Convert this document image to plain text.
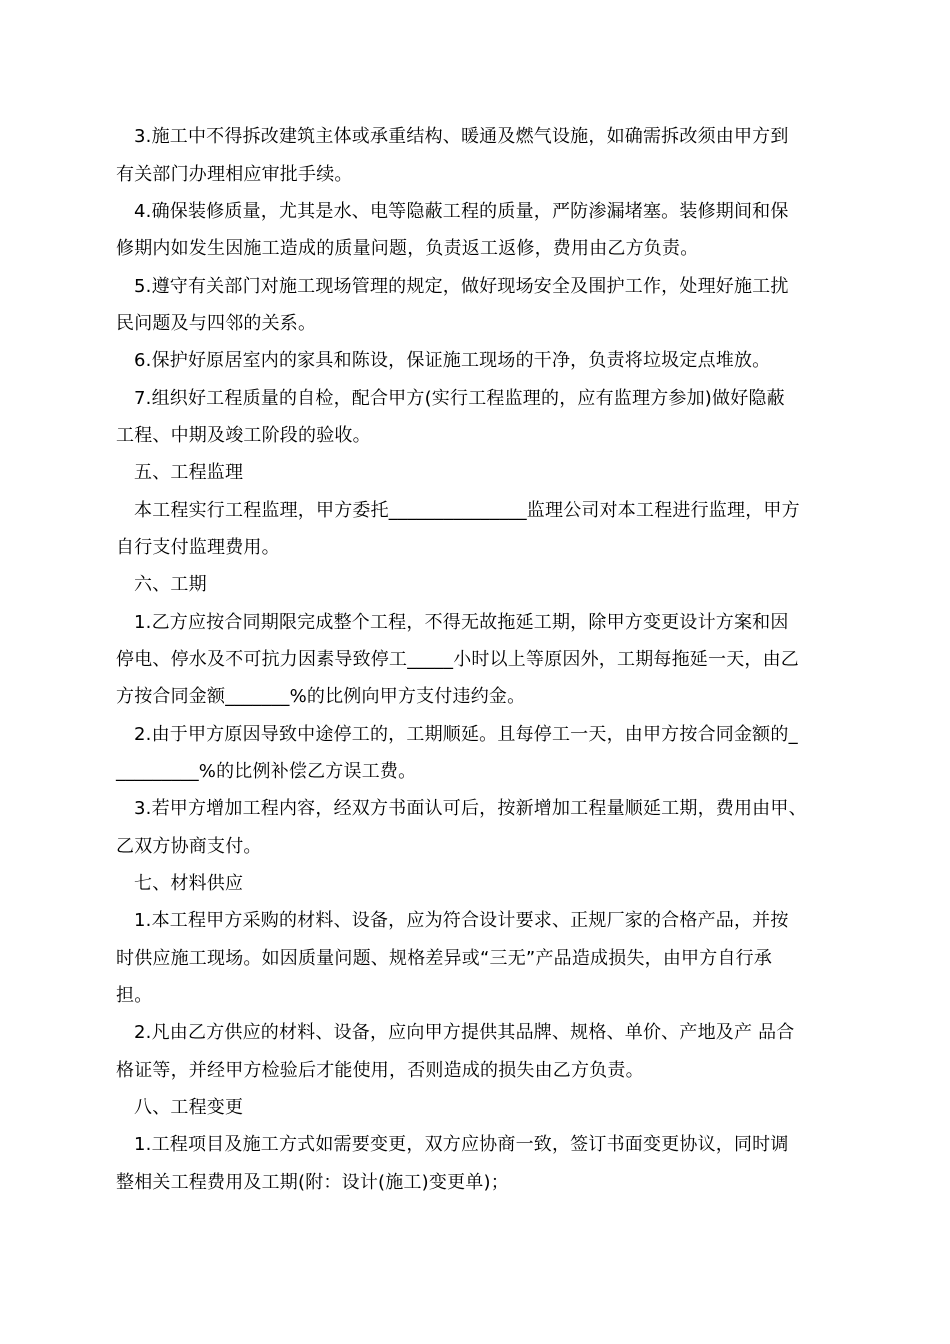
3.施工中不得拆改建筑主体或承重结构、暖通及燃气设施，如确需拆改须由甲方到
有关部门办理相应审批手续。
4.确保装修质量，尤其是水、电等隐蔽工程的质量，严防渗漏堵塞。装修期间和保
修期内如发生因施工造成的质量问题，负责返工返修，费用由乙方负责。
5.遵守有关部门对施工现场管理的规定，做好现场安全及围护工作，处理好施工扰
民问题及与四邻的关系。
6.保护好原居室内的家具和陈设，保证施工现场的干净，负责将垃圾定点堆放。
7.组织好工程质量的自检，配合甲方(实行工程监理的，应有监理方参加)做好隐蔽
工程、中期及竣工阶段的验收。
五、工程监理
本工程实行工程监理，甲方委托_______________监理公司对本工程进行监理，甲方
自行支付监理费用。
六、工期
1.乙方应按合同期限完成整个工程，不得无故拖延工期，除甲方变更设计方案和因
停电、停水及不可抗力因素导致停工_____小时以上等原因外，工期每拖延一天，由乙
方按合同金额_______%的比例向甲方支付违约金。
2.由于甲方原因导致中途停工的，工期顺延。且每停工一天，由甲方按合同金额的_
_________%的比例补偿乙方误工费。
3.若甲方增加工程内容，经双方书面认可后，按新增加工程量顺延工期，费用由甲、
乙双方协商支付。
七、材料供应
1.本工程甲方采购的材料、设备，应为符合设计要求、正规厂家的合格产品，并按
时供应施工现场。如因质量问题、规格差异或“三无”产品造成损失，由甲方自行承
担。
2.凡由乙方供应的材料、设备，应向甲方提供其品牌、规格、单价、产地及产 品合
格证等，并经甲方检验后才能使用，否则造成的损失由乙方负责。
八、工程变更
1.工程项目及施工方式如需要变更，双方应协商一致，签订书面变更协议，同时调
整相关工程费用及工期(附：设计(施工)变更单)；
